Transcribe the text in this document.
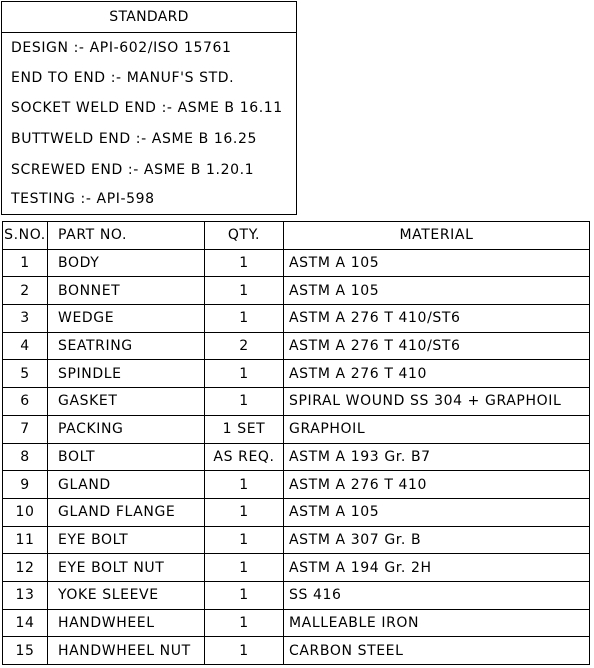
STANDARD
DESIGN :- API-602/ISO 15761
END TO END :- MANUF'S STD.
SOCKET WELD END :- ASME B 16.11
BUTTWELD END :- ASME B 16.25
SCREWED END :- ASME B 1.20.1
TESTING :- API-598
S.NO.	PART NO.	QTY.	MATERIAL
1	BODY	1	ASTM A 105
2	BONNET	1	ASTM A 105
3	WEDGE	1	ASTM A 276 T 410/ST6
4	SEATRING	2	ASTM A 276 T 410/ST6
5	SPINDLE	1	ASTM A 276 T 410
6	GASKET	1	SPIRAL WOUND SS 304 + GRAPHOIL
7	PACKING	1 SET	GRAPHOIL
8	BOLT	AS REQ.	ASTM A 193 Gr. B7
9	GLAND	1	ASTM A 276 T 410
10	GLAND FLANGE	1	ASTM A 105
11	EYE BOLT	1	ASTM A 307 Gr. B
12	EYE BOLT NUT	1	ASTM A 194 Gr. 2H
13	YOKE SLEEVE	1	SS 416
14	HANDWHEEL	1	MALLEABLE IRON
15	HANDWHEEL NUT	1	CARBON STEEL
